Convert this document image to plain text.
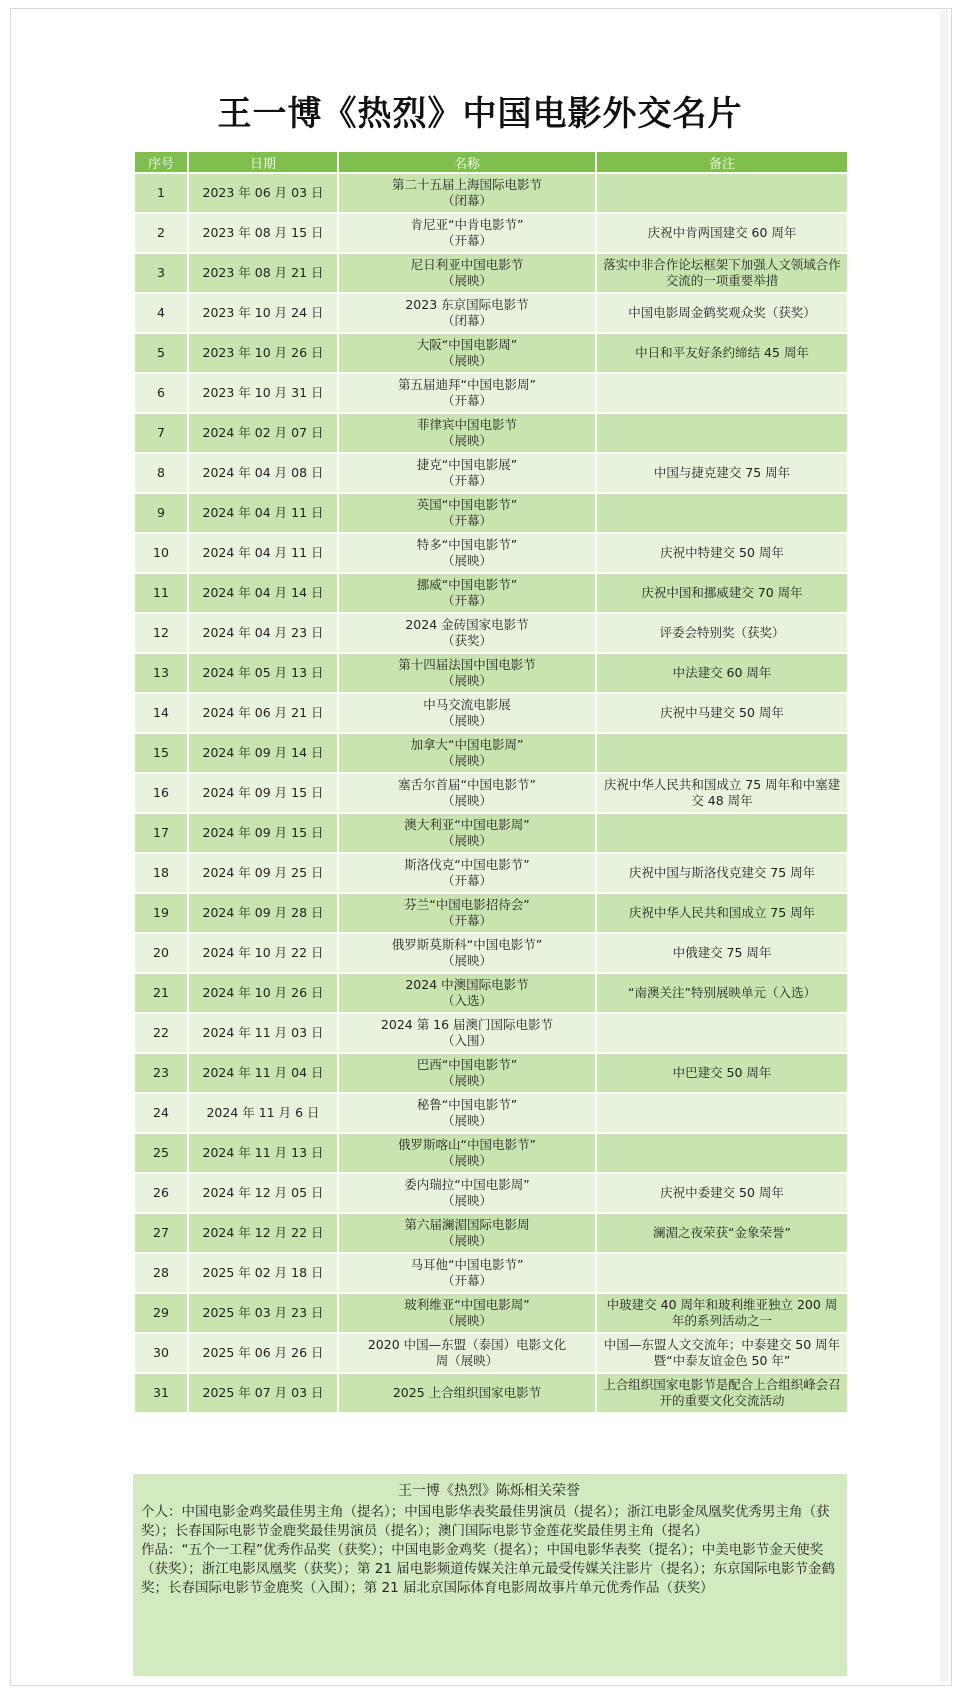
王一博《热烈》中国电影外交名片
序号	日期	名称	备注
1	2023 年 06 月 03 日	第二十五届上海国际电影节
（闭幕）	

2	2023 年 08 月 15 日	肯尼亚“中肯电影节”
（开幕）	庆祝中肯两国建交 60 周年
3	2023 年 08 月 21 日	尼日利亚中国电影节
（展映）	落实中非合作论坛框架下加强人文领域合作交流的一项重要举措
4	2023 年 10 月 24 日	2023 东京国际电影节
（闭幕）	中国电影周金鹤奖观众奖（获奖）
5	2023 年 10 月 26 日	大阪“中国电影周”
（展映）	中日和平友好条约缔结 45 周年
6	2023 年 10 月 31 日	第五届迪拜“中国电影周”
（开幕）	

7	2024 年 02 月 07 日	菲律宾中国电影节
（展映）	

8	2024 年 04 月 08 日	捷克“中国电影展”
（开幕）	中国与捷克建交 75 周年
9	2024 年 04 月 11 日	英国“中国电影节”
（开幕）	

10	2024 年 04 月 11 日	特多“中国电影节”
（展映）	庆祝中特建交 50 周年
11	2024 年 04 月 14 日	挪威“中国电影节”
（开幕）	庆祝中国和挪威建交 70 周年
12	2024 年 04 月 23 日	2024 金砖国家电影节
（获奖）	评委会特别奖（获奖）
13	2024 年 05 月 13 日	第十四届法国中国电影节
（展映）	中法建交 60 周年
14	2024 年 06 月 21 日	中马交流电影展
（展映）	庆祝中马建交 50 周年
15	2024 年 09 月 14 日	加拿大“中国电影周”
（展映）	

16	2024 年 09 月 15 日	塞舌尔首届“中国电影节”
（展映）	庆祝中华人民共和国成立 75 周年和中塞建交 48 周年
17	2024 年 09 月 15 日	澳大利亚“中国电影周”
（展映）	

18	2024 年 09 月 25 日	斯洛伐克“中国电影节”
（开幕）	庆祝中国与斯洛伐克建交 75 周年
19	2024 年 09 月 28 日	芬兰“中国电影招待会”
（开幕）	庆祝中华人民共和国成立 75 周年
20	2024 年 10 月 22 日	俄罗斯莫斯科“中国电影节”
（展映）	中俄建交 75 周年
21	2024 年 10 月 26 日	2024 中澳国际电影节
（入选）	“南澳关注”特别展映单元（入选）
22	2024 年 11 月 03 日	2024 第 16 届澳门国际电影节
（入围）	

23	2024 年 11 月 04 日	巴西“中国电影节”
（展映）	中巴建交 50 周年
24	2024 年 11 月 6 日	秘鲁“中国电影节”
（展映）	

25	2024 年 11 月 13 日	俄罗斯喀山“中国电影节”
（展映）	

26	2024 年 12 月 05 日	委内瑞拉“中国电影周”
（展映）	庆祝中委建交 50 周年
27	2024 年 12 月 22 日	第六届澜湄国际电影周
（展映）	澜湄之夜荣获“金象荣誉”
28	2025 年 02 月 18 日	马耳他“中国电影节”
（开幕）	

29	2025 年 03 月 23 日	玻利维亚“中国电影周”
（展映）	中玻建交 40 周年和玻利维亚独立 200 周年的系列活动之一
30	2025 年 06 月 26 日	2020 中国—东盟（泰国）电影文化
周（展映）	中国—东盟人文交流年；中泰建交 50 周年暨“中泰友谊金色 50 年”
31	2025 年 07 月 03 日	2025 上合组织国家电影节	上合组织国家电影节是配合上合组织峰会召开的重要文化交流活动
王一博《热烈》陈烁相关荣誉

个人：中国电影金鸡奖最佳男主角（提名）；中国电影华表奖最佳男演员（提名）；浙江电影金凤凰奖优秀男主角（获奖）；长春国际电影节金鹿奖最佳男演员（提名）；澳门国际电影节金莲花奖最佳男主角（提名）

作品：“五个一工程”优秀作品奖（获奖）；中国电影金鸡奖（提名）；中国电影华表奖（提名）；中美电影节金天使奖（获奖）；浙江电影凤凰奖（获奖）；第 21 届电影频道传媒关注单元最受传媒关注影片（提名）；东京国际电影节金鹤奖；长春国际电影节金鹿奖（入围）；第 21 届北京国际体育电影周故事片单元优秀作品（获奖）
